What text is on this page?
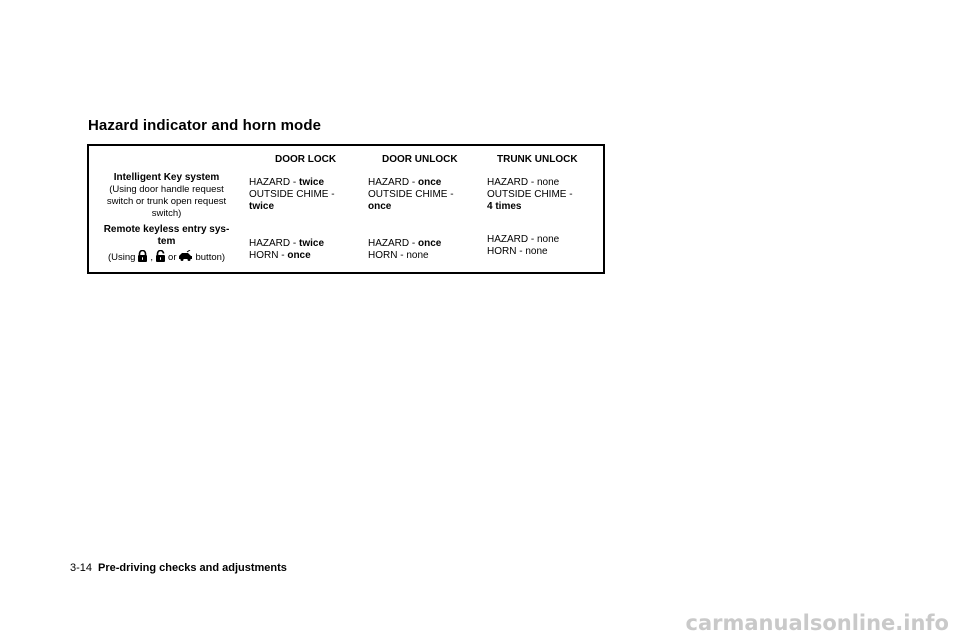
Hazard indicator and horn mode
DOOR LOCK	DOOR UNLOCK	TRUNK UNLOCK
Intelligent Key system
(Using door handle request
switch or trunk open request
switch)
HAZARD - twice
OUTSIDE CHIME -
twice
HAZARD - once
OUTSIDE CHIME -
once
HAZARD - none
OUTSIDE CHIME -
4 times
Remote keyless entry sys-
tem
(Using , or button)
HAZARD - twice
HORN - once
HAZARD - once
HORN - none
HAZARD - none
HORN - none
3-14 Pre-driving checks and adjustments
carmanualsonline.info
